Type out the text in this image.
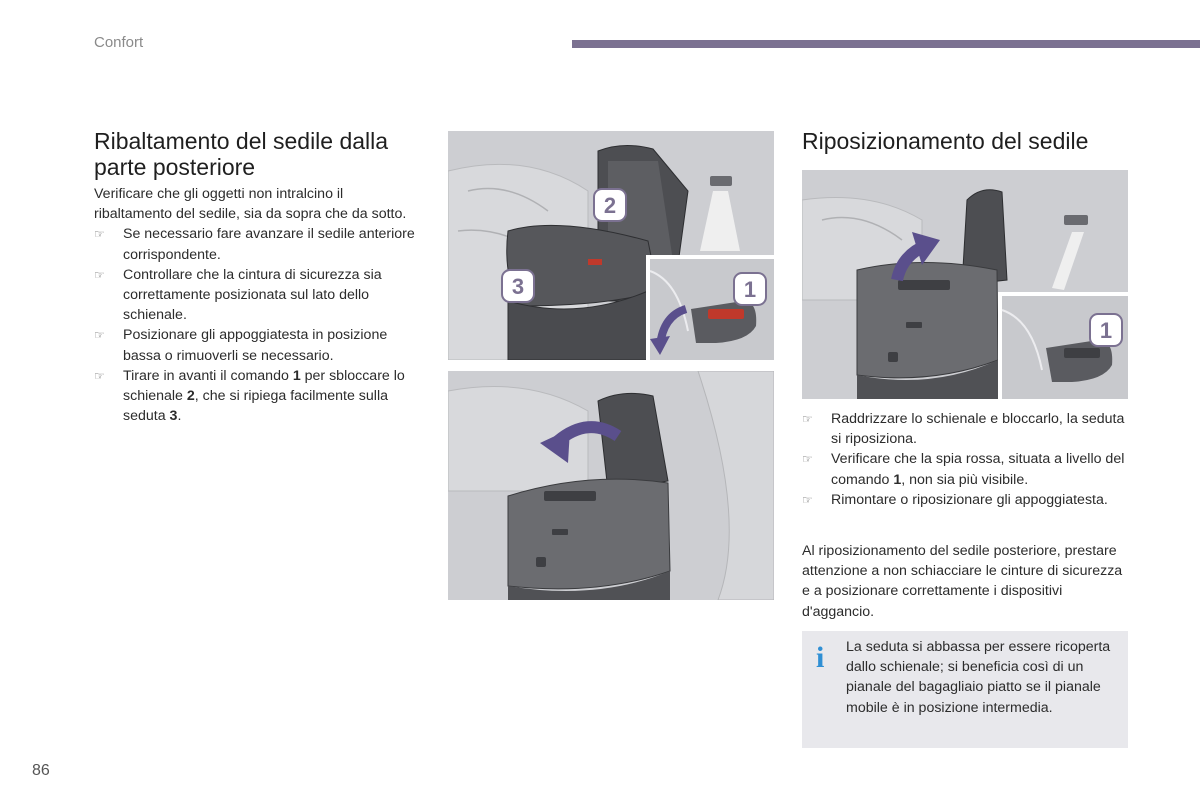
Confort
Ribaltamento del sedile dalla parte posteriore

Verificare che gli oggetti non intralcino il ribaltamento del sedile, sia da sopra che da sotto.

☞ Se necessario fare avanzare il sedile anteriore corrispondente.
☞ Controllare che la cintura di sicurezza sia correttamente posizionata sul lato dello schienale.
☞ Posizionare gli appoggiatesta in posizione bassa o rimuoverli se necessario.
☞ Tirare in avanti il comando 1 per sbloccare lo schienale 2, che si ripiega facilmente sulla seduta 3.
2
3	1
Riposizionamento del sedile
1
☞ Raddrizzare lo schienale e bloccarlo, la seduta si riposiziona.
☞ Verificare che la spia rossa, situata a livello del comando 1, non sia più visibile.
☞ Rimontare o riposizionare gli appoggiatesta.

Al riposizionamento del sedile posteriore, prestare attenzione a non schiacciare le cinture di sicurezza e a posizionare correttamente i dispositivi d'aggancio.

i La seduta si abbassa per essere ricoperta dallo schienale; si beneficia così di un pianale del bagagliaio piatto se il pianale mobile è in posizione intermedia.

86
